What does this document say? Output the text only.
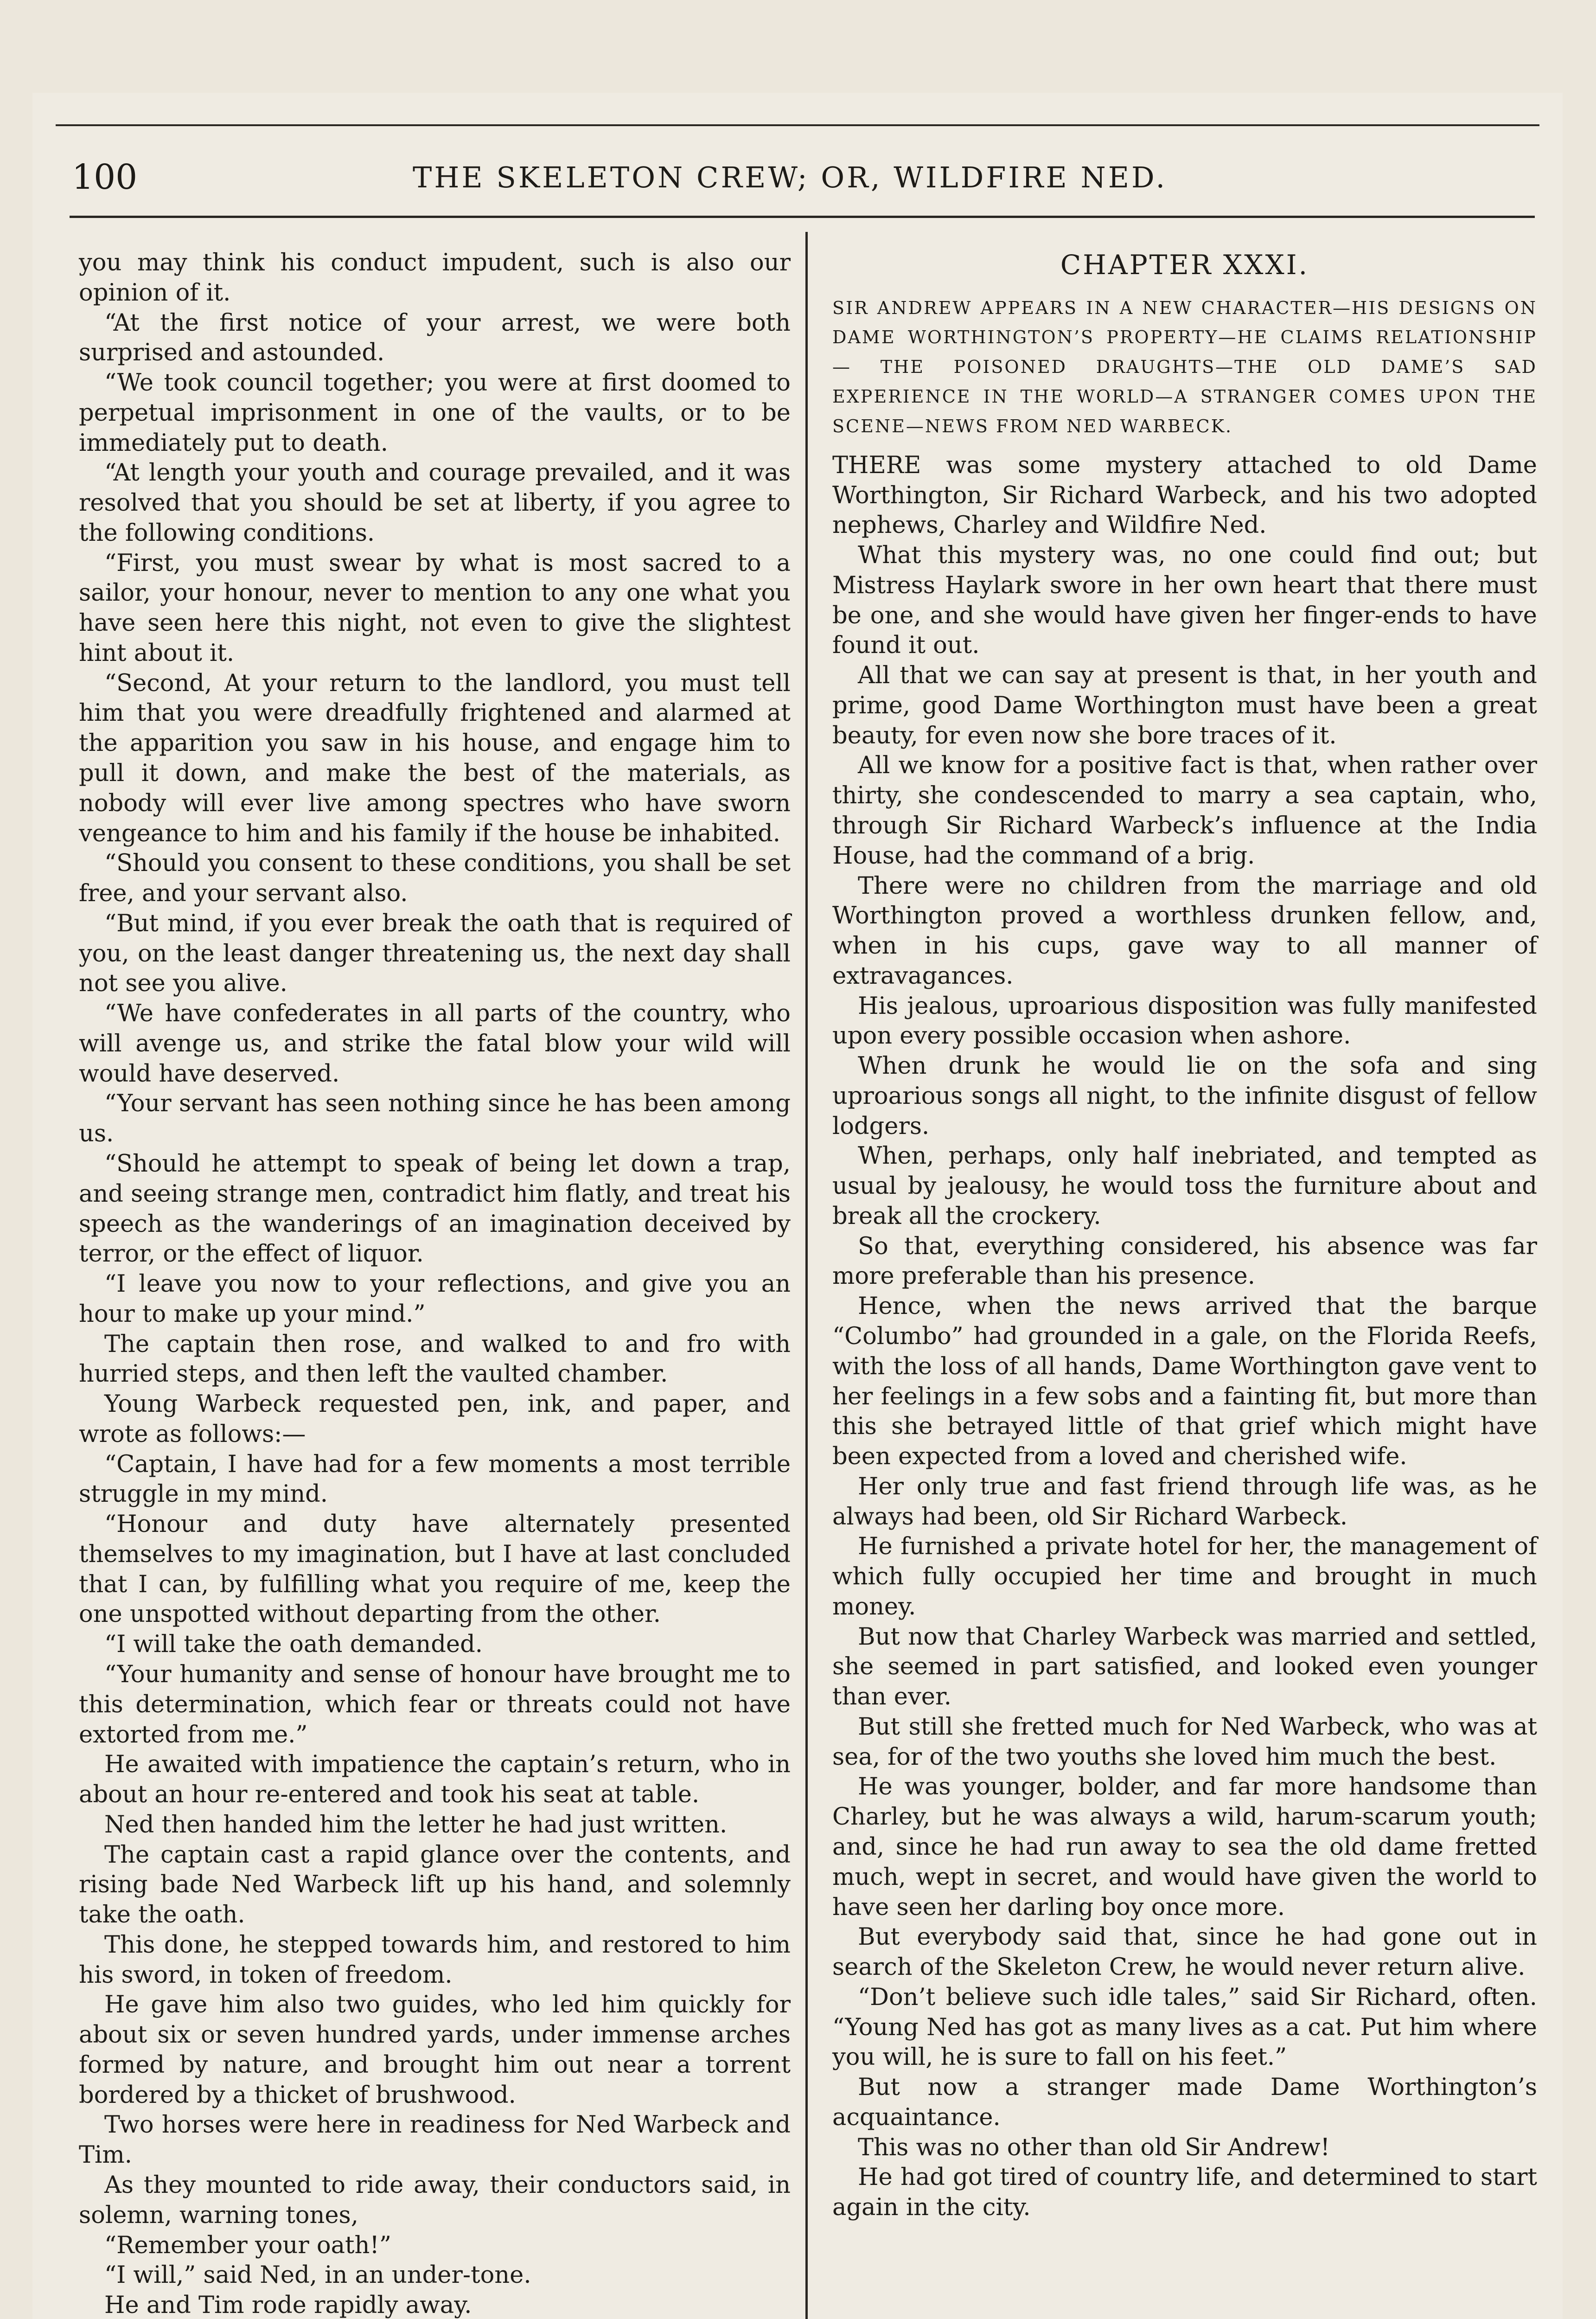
100	THE SKELETON CREW; OR, WILDFIRE NED.

you may think his conduct impudent, such is also our opinion of it.

“At the first notice of your arrest, we were both surprised and astounded.

“We took council together; you were at first doomed to perpetual imprisonment in one of the vaults, or to be immediately put to death.

“At length your youth and courage prevailed, and it was resolved that you should be set at liberty, if you agree to the following conditions.

“First, you must swear by what is most sacred to a sailor, your honour, never to mention to any one what you have seen here this night, not even to give the slightest hint about it.

“Second, At your return to the landlord, you must tell him that you were dreadfully frightened and alarmed at the apparition you saw in his house, and engage him to pull it down, and make the best of the materials, as nobody will ever live among spectres who have sworn vengeance to him and his family if the house be inhabited.

“Should you consent to these conditions, you shall be set free, and your servant also.

“But mind, if you ever break the oath that is required of you, on the least danger threatening us, the next day shall not see you alive.

“We have confederates in all parts of the country, who will avenge us, and strike the fatal blow your wild will would have deserved.

“Your servant has seen nothing since he has been among us.

“Should he attempt to speak of being let down a trap, and seeing strange men, contradict him flatly, and treat his speech as the wanderings of an imagination deceived by terror, or the effect of liquor.

“I leave you now to your reflections, and give you an hour to make up your mind.”

The captain then rose, and walked to and fro with hurried steps, and then left the vaulted chamber.

Young Warbeck requested pen, ink, and paper, and wrote as follows:—

“Captain, I have had for a few moments a most terrible struggle in my mind.

“Honour and duty have alternately presented themselves to my imagination, but I have at last concluded that I can, by fulfilling what you require of me, keep the one unspotted without departing from the other.

“I will take the oath demanded.

“Your humanity and sense of honour have brought me to this determination, which fear or threats could not have extorted from me.”

He awaited with impatience the captain’s return, who in about an hour re-entered and took his seat at table.

Ned then handed him the letter he had just written.

The captain cast a rapid glance over the contents, and rising bade Ned Warbeck lift up his hand, and solemnly take the oath.

This done, he stepped towards him, and restored to him his sword, in token of freedom.

He gave him also two guides, who led him quickly for about six or seven hundred yards, under immense arches formed by nature, and brought him out near a torrent bordered by a thicket of brushwood.

Two horses were here in readiness for Ned Warbeck and Tim.

As they mounted to ride away, their conductors said, in solemn, warning tones,

“Remember your oath!”

“I will,” said Ned, in an under-tone.

He and Tim rode rapidly away.

CHAPTER XXXI.
SIR ANDREW APPEARS IN A NEW CHARACTER—HIS DESIGNS ON DAME WORTHINGTON’S PROPERTY—HE CLAIMS RELATIONSHIP — THE POISONED DRAUGHTS—THE OLD DAME’S SAD EXPERIENCE IN THE WORLD—A STRANGER COMES UPON THE SCENE—NEWS FROM NED WARBECK.

THERE was some mystery attached to old Dame Worthington, Sir Richard Warbeck, and his two adopted nephews, Charley and Wildfire Ned.

What this mystery was, no one could find out; but Mistress Haylark swore in her own heart that there must be one, and she would have given her finger-ends to have found it out.

All that we can say at present is that, in her youth and prime, good Dame Worthington must have been a great beauty, for even now she bore traces of it.

All we know for a positive fact is that, when rather over thirty, she condescended to marry a sea captain, who, through Sir Richard Warbeck’s influence at the India House, had the command of a brig.

There were no children from the marriage and old Worthington proved a worthless drunken fellow, and, when in his cups, gave way to all manner of extravagances.

His jealous, uproarious disposition was fully manifested upon every possible occasion when ashore.

When drunk he would lie on the sofa and sing uproarious songs all night, to the infinite disgust of fellow lodgers.

When, perhaps, only half inebriated, and tempted as usual by jealousy, he would toss the furniture about and break all the crockery.

So that, everything considered, his absence was far more preferable than his presence.

Hence, when the news arrived that the barque “Columbo” had grounded in a gale, on the Florida Reefs, with the loss of all hands, Dame Worthington gave vent to her feelings in a few sobs and a fainting fit, but more than this she betrayed little of that grief which might have been expected from a loved and cherished wife.

Her only true and fast friend through life was, as he always had been, old Sir Richard Warbeck.

He furnished a private hotel for her, the management of which fully occupied her time and brought in much money.

But now that Charley Warbeck was married and settled, she seemed in part satisfied, and looked even younger than ever.

But still she fretted much for Ned Warbeck, who was at sea, for of the two youths she loved him much the best.

He was younger, bolder, and far more handsome than Charley, but he was always a wild, harum-scarum youth; and, since he had run away to sea the old dame fretted much, wept in secret, and would have given the world to have seen her darling boy once more.

But everybody said that, since he had gone out in search of the Skeleton Crew, he would never return alive.

“Don’t believe such idle tales,” said Sir Richard, often. “Young Ned has got as many lives as a cat. Put him where you will, he is sure to fall on his feet.”

But now a stranger made Dame Worthington’s acquaintance.

This was no other than old Sir Andrew!

He had got tired of country life, and determined to start again in the city.
